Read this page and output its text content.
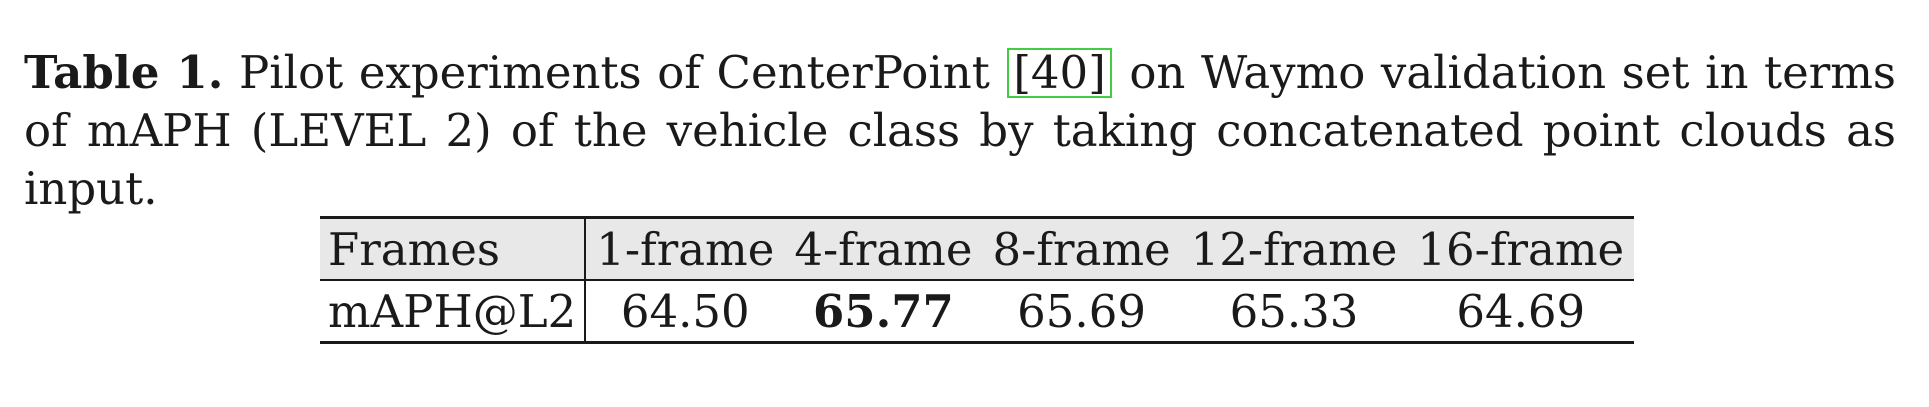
Table 1. Pilot experiments of CenterPoint [40] on Waymo validation set in terms of mAPH (LEVEL 2) of the vehicle class by taking concatenated point clouds as input.
Frames	1-frame	4-frame	8-frame	12-frame	16-frame
mAPH@L2	64.50	65.77	65.69	65.33	64.69
